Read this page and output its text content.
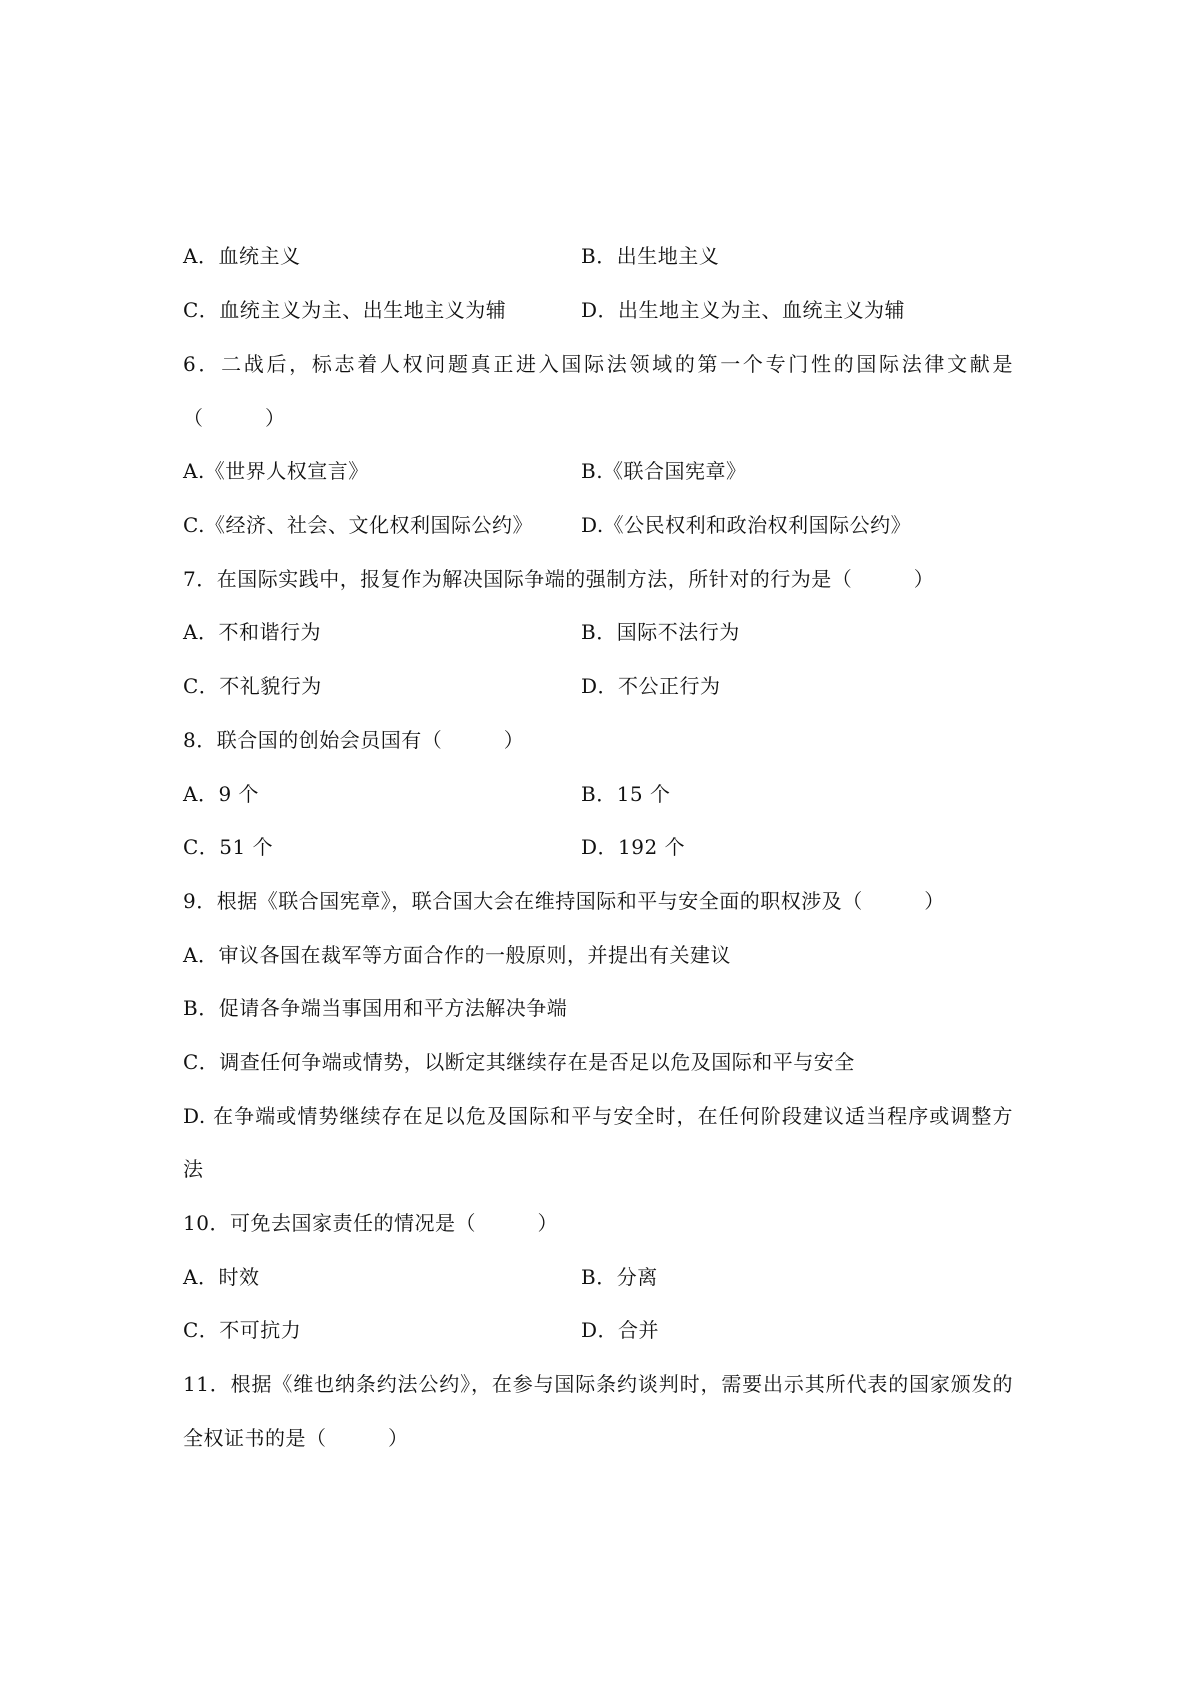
A．血统主义	B．出生地主义
C．血统主义为主、出生地主义为辅	D．出生地主义为主、血统主义为辅
6．二战后，标志着人权问题真正进入国际法领域的第一个专门性的国际法律文献是
（　　　）
A.《世界人权宣言》	B.《联合国宪章》
C.《经济、社会、文化权利国际公约》 D.《公民权利和政治权利国际公约》
7．在国际实践中，报复作为解决国际争端的强制方法，所针对的行为是（　　　）
A．不和谐行为	B．国际不法行为
C．不礼貌行为	D．不公正行为
8．联合国的创始会员国有（　　　）
A．9 个	B．15 个
C．51 个	D．192 个
9．根据《联合国宪章》，联合国大会在维持国际和平与安全面的职权涉及（　　　）
A．审议各国在裁军等方面合作的一般原则，并提出有关建议
B．促请各争端当事国用和平方法解决争端
C．调查任何争端或情势，以断定其继续存在是否足以危及国际和平与安全
D. 在争端或情势继续存在足以危及国际和平与安全时，在任何阶段建议适当程序或调整方
法
10．可免去国家责任的情况是（　　　）
A．时效	B．分离
C．不可抗力	D．合并
11．根据《维也纳条约法公约》，在参与国际条约谈判时，需要出示其所代表的国家颁发的
全权证书的是（　　　）
